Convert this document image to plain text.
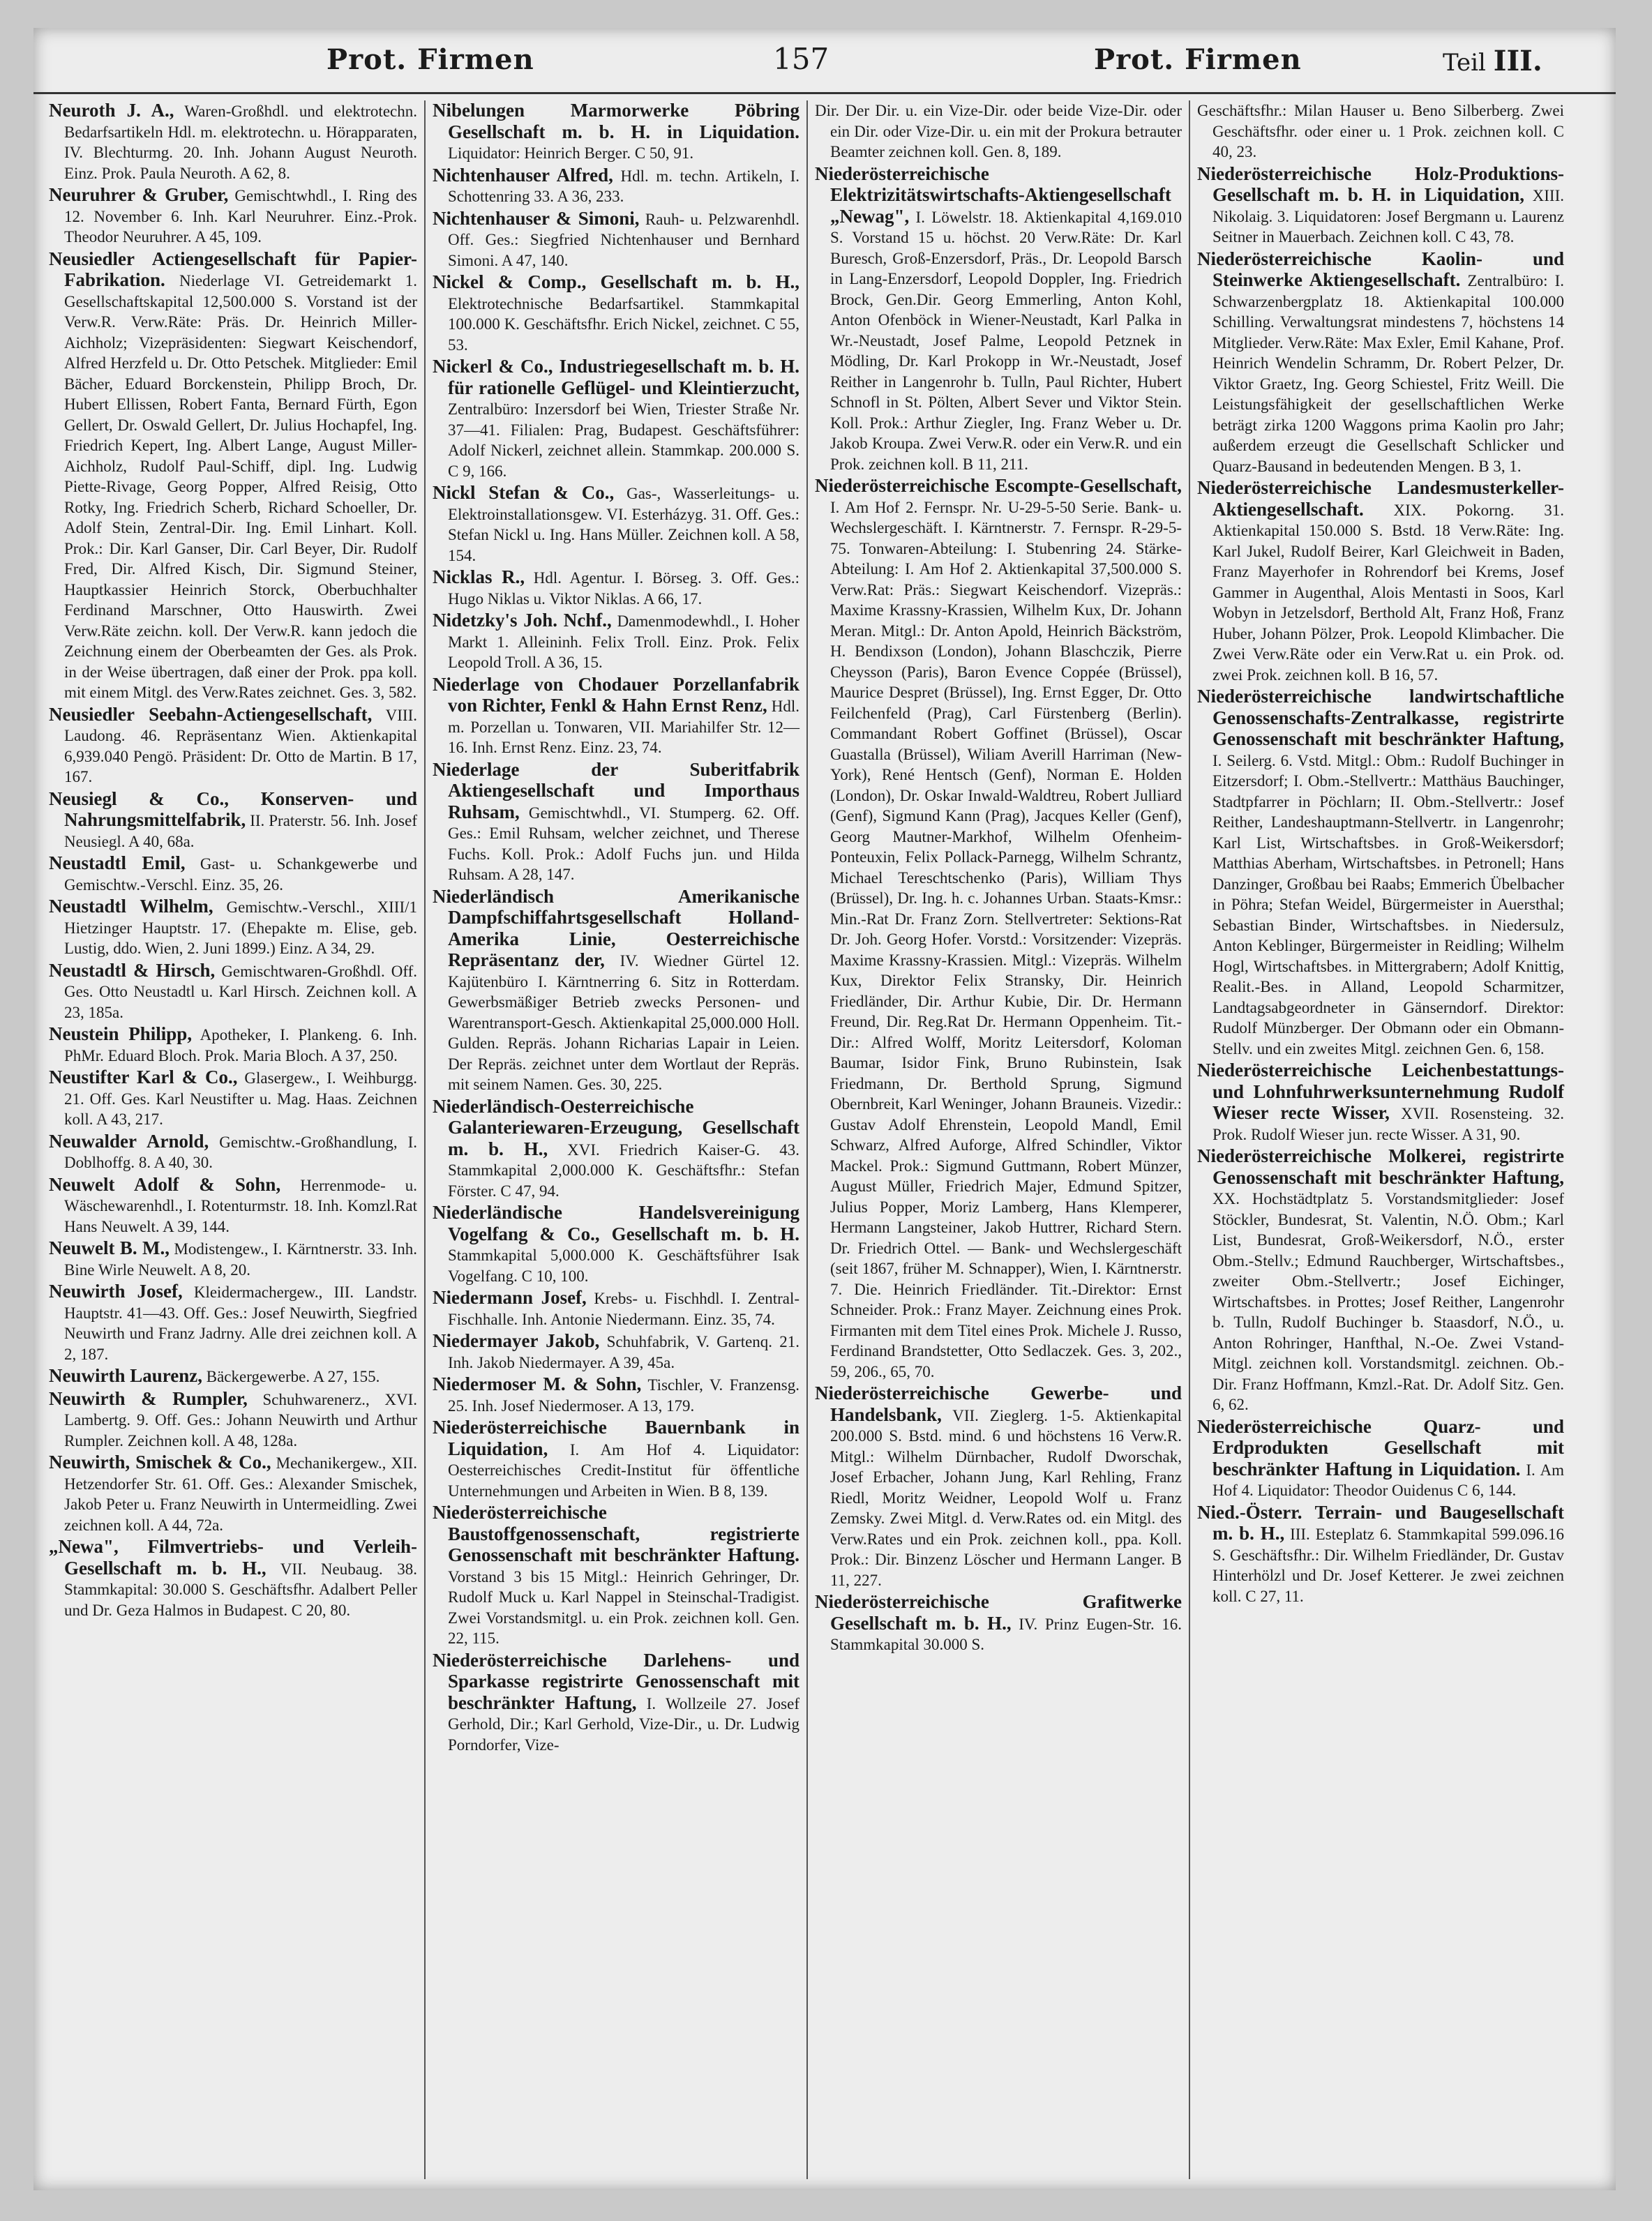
Prot. Firmen	157	Prot. Firmen	Teil III.

Neuroth J. A., Waren-Großhdl. und elektrotechn. Bedarfsartikeln Hdl. m. elektrotechn. u. Hörapparaten, IV. Blechturmg. 20. Inh. Johann August Neuroth. Einz. Prok. Paula Neuroth. A 62, 8.

Neuruhrer & Gruber, Gemischtwhdl., I. Ring des 12. November 6. Inh. Karl Neuruhrer. Einz.-Prok. Theodor Neuruhrer. A 45, 109.

Neusiedler Actiengesellschaft für Papier-Fabrikation. Niederlage VI. Getreidemarkt 1. Gesellschaftskapital 12,500.000 S. Vorstand ist der Verw.R. Verw.Räte: Präs. Dr. Heinrich Miller-Aichholz; Vizepräsidenten: Siegwart Keischendorf, Alfred Herzfeld u. Dr. Otto Petschek. Mitglieder: Emil Bächer, Eduard Borckenstein, Philipp Broch, Dr. Hubert Ellissen, Robert Fanta, Bernard Fürth, Egon Gellert, Dr. Oswald Gellert, Dr. Julius Hochapfel, Ing. Friedrich Kepert, Ing. Albert Lange, August Miller-Aichholz, Rudolf Paul-Schiff, dipl. Ing. Ludwig Piette-Rivage, Georg Popper, Alfred Reisig, Otto Rotky, Ing. Friedrich Scherb, Richard Schoeller, Dr. Adolf Stein, Zentral-Dir. Ing. Emil Linhart. Koll. Prok.: Dir. Karl Ganser, Dir. Carl Beyer, Dir. Rudolf Fred, Dir. Alfred Kisch, Dir. Sigmund Steiner, Hauptkassier Heinrich Storck, Oberbuchhalter Ferdinand Marschner, Otto Hauswirth. Zwei Verw.Räte zeichn. koll. Der Verw.R. kann jedoch die Zeichnung einem der Oberbeamten der Ges. als Prok. in der Weise übertragen, daß einer der Prok. ppa koll. mit einem Mitgl. des Verw.Rates zeichnet. Ges. 3, 582.

Neusiedler Seebahn-Actiengesellschaft, VIII. Laudong. 46. Repräsentanz Wien. Aktienkapital 6,939.040 Pengö. Präsident: Dr. Otto de Martin. B 17, 167.

Neusiegl & Co., Konserven- und Nahrungsmittelfabrik, II. Praterstr. 56. Inh. Josef Neusiegl. A 40, 68a.

Neustadtl Emil, Gast- u. Schankgewerbe und Gemischtw.-Verschl. Einz. 35, 26.

Neustadtl Wilhelm, Gemischtw.-Verschl., XIII/1 Hietzinger Hauptstr. 17. (Ehepakte m. Elise, geb. Lustig, ddo. Wien, 2. Juni 1899.) Einz. A 34, 29.

Neustadtl & Hirsch, Gemischtwaren-Großhdl. Off. Ges. Otto Neustadtl u. Karl Hirsch. Zeichnen koll. A 23, 185a.

Neustein Philipp, Apotheker, I. Plankeng. 6. Inh. PhMr. Eduard Bloch. Prok. Maria Bloch. A 37, 250.

Neustifter Karl & Co., Glasergew., I. Weihburgg. 21. Off. Ges. Karl Neustifter u. Mag. Haas. Zeichnen koll. A 43, 217.

Neuwalder Arnold, Gemischtw.-Großhandlung, I. Doblhoffg. 8. A 40, 30.

Neuwelt Adolf & Sohn, Herrenmode- u. Wäschewarenhdl., I. Rotenturmstr. 18. Inh. Komzl.Rat Hans Neuwelt. A 39, 144.

Neuwelt B. M., Modistengew., I. Kärntnerstr. 33. Inh. Bine Wirle Neuwelt. A 8, 20.

Neuwirth Josef, Kleidermachergew., III. Landstr. Hauptstr. 41—43. Off. Ges.: Josef Neuwirth, Siegfried Neuwirth und Franz Jadrny. Alle drei zeichnen koll. A 2, 187.

Neuwirth Laurenz, Bäckergewerbe. A 27, 155.

Neuwirth & Rumpler, Schuhwarenerz., XVI. Lambertg. 9. Off. Ges.: Johann Neuwirth und Arthur Rumpler. Zeichnen koll. A 48, 128a.

Neuwirth, Smischek & Co., Mechanikergew., XII. Hetzendorfer Str. 61. Off. Ges.: Alexander Smischek, Jakob Peter u. Franz Neuwirth in Untermeidling. Zwei zeichnen koll. A 44, 72a.

„Newa", Filmvertriebs- und Verleih-Gesellschaft m. b. H., VII. Neubaug. 38. Stammkapital: 30.000 S. Geschäftsfhr. Adalbert Peller und Dr. Geza Halmos in Budapest. C 20, 80.

Nibelungen Marmorwerke Pöbring Gesellschaft m. b. H. in Liquidation. Liquidator: Heinrich Berger. C 50, 91.

Nichtenhauser Alfred, Hdl. m. techn. Artikeln, I. Schottenring 33. A 36, 233.

Nichtenhauser & Simoni, Rauh- u. Pelzwarenhdl. Off. Ges.: Siegfried Nichtenhauser und Bernhard Simoni. A 47, 140.

Nickel & Comp., Gesellschaft m. b. H., Elektrotechnische Bedarfsartikel. Stammkapital 100.000 K. Geschäftsfhr. Erich Nickel, zeichnet. C 55, 53.

Nickerl & Co., Industriegesellschaft m. b. H. für rationelle Geflügel- und Kleintierzucht, Zentralbüro: Inzersdorf bei Wien, Triester Straße Nr. 37—41. Filialen: Prag, Budapest. Geschäftsführer: Adolf Nickerl, zeichnet allein. Stammkap. 200.000 S. C 9, 166.

Nickl Stefan & Co., Gas-, Wasserleitungs- u. Elektroinstallationsgew. VI. Esterházyg. 31. Off. Ges.: Stefan Nickl u. Ing. Hans Müller. Zeichnen koll. A 58, 154.

Nicklas R., Hdl. Agentur. I. Börseg. 3. Off. Ges.: Hugo Niklas u. Viktor Niklas. A 66, 17.

Nidetzky's Joh. Nchf., Damenmodewhdl., I. Hoher Markt 1. Alleininh. Felix Troll. Einz. Prok. Felix Leopold Troll. A 36, 15.

Niederlage von Chodauer Porzellanfabrik von Richter, Fenkl & Hahn Ernst Renz, Hdl. m. Porzellan u. Tonwaren, VII. Mariahilfer Str. 12—16. Inh. Ernst Renz. Einz. 23, 74.

Niederlage der Suberitfabrik Aktiengesellschaft und Importhaus Ruhsam, Gemischtwhdl., VI. Stumperg. 62. Off. Ges.: Emil Ruhsam, welcher zeichnet, und Therese Fuchs. Koll. Prok.: Adolf Fuchs jun. und Hilda Ruhsam. A 28, 147.

Niederländisch Amerikanische Dampfschiffahrtsgesellschaft Holland-Amerika Linie, Oesterreichische Repräsentanz der, IV. Wiedner Gürtel 12. Kajütenbüro I. Kärntnerring 6. Sitz in Rotterdam. Gewerbsmäßiger Betrieb zwecks Personen- und Warentransport-Gesch. Aktienkapital 25,000.000 Holl. Gulden. Repräs. Johann Richarias Lapair in Leien. Der Repräs. zeichnet unter dem Wortlaut der Repräs. mit seinem Namen. Ges. 30, 225.

Niederländisch-Oesterreichische Galanteriewaren-Erzeugung, Gesellschaft m. b. H., XVI. Friedrich Kaiser-G. 43. Stammkapital 2,000.000 K. Geschäftsfhr.: Stefan Förster. C 47, 94.

Niederländische Handelsvereinigung Vogelfang & Co., Gesellschaft m. b. H. Stammkapital 5,000.000 K. Geschäftsführer Isak Vogelfang. C 10, 100.

Niedermann Josef, Krebs- u. Fischhdl. I. Zentral-Fischhalle. Inh. Antonie Niedermann. Einz. 35, 74.

Niedermayer Jakob, Schuhfabrik, V. Gartenq. 21. Inh. Jakob Niedermayer. A 39, 45a.

Niedermoser M. & Sohn, Tischler, V. Franzensg. 25. Inh. Josef Niedermoser. A 13, 179.

Niederösterreichische Bauernbank in Liquidation, I. Am Hof 4. Liquidator: Oesterreichisches Credit-Institut für öffentliche Unternehmungen und Arbeiten in Wien. B 8, 139.

Niederösterreichische Baustoffgenossenschaft, registrierte Genossenschaft mit beschränkter Haftung. Vorstand 3 bis 15 Mitgl.: Heinrich Gehringer, Dr. Rudolf Muck u. Karl Nappel in Steinschal-Tradigist. Zwei Vorstandsmitgl. u. ein Prok. zeichnen koll. Gen. 22, 115.

Niederösterreichische Darlehens- und Sparkasse registrirte Genossenschaft mit beschränkter Haftung, I. Wollzeile 27. Josef Gerhold, Dir.; Karl Gerhold, Vize-Dir., u. Dr. Ludwig Porndorfer, Vize-

Dir. Der Dir. u. ein Vize-Dir. oder beide Vize-Dir. oder ein Dir. oder Vize-Dir. u. ein mit der Prokura betrauter Beamter zeichnen koll. Gen. 8, 189.

Niederösterreichische Elektrizitätswirtschafts-Aktiengesellschaft „Newag", I. Löwelstr. 18. Aktienkapital 4,169.010 S. Vorstand 15 u. höchst. 20 Verw.Räte: Dr. Karl Buresch, Groß-Enzersdorf, Präs., Dr. Leopold Barsch in Lang-Enzersdorf, Leopold Doppler, Ing. Friedrich Brock, Gen.Dir. Georg Emmerling, Anton Kohl, Anton Ofenböck in Wiener-Neustadt, Karl Palka in Wr.-Neustadt, Josef Palme, Leopold Petznek in Mödling, Dr. Karl Prokopp in Wr.-Neustadt, Josef Reither in Langenrohr b. Tulln, Paul Richter, Hubert Schnofl in St. Pölten, Albert Sever und Viktor Stein. Koll. Prok.: Arthur Ziegler, Ing. Franz Weber u. Dr. Jakob Kroupa. Zwei Verw.R. oder ein Verw.R. und ein Prok. zeichnen koll. B 11, 211.

Niederösterreichische Escompte-Gesellschaft, I. Am Hof 2. Fernspr. Nr. U-29-5-50 Serie. Bank- u. Wechslergeschäft. I. Kärntnerstr. 7. Fernspr. R-29-5-75. Tonwaren-Abteilung: I. Stubenring 24. Stärke-Abteilung: I. Am Hof 2. Aktienkapital 37,500.000 S. Verw.Rat: Präs.: Siegwart Keischendorf. Vizepräs.: Maxime Krassny-Krassien, Wilhelm Kux, Dr. Johann Meran. Mitgl.: Dr. Anton Apold, Heinrich Bäckström, H. Bendixson (London), Johann Blaschczik, Pierre Cheysson (Paris), Baron Evence Coppée (Brüssel), Maurice Despret (Brüssel), Ing. Ernst Egger, Dr. Otto Feilchenfeld (Prag), Carl Fürstenberg (Berlin). Commandant Robert Goffinet (Brüssel), Oscar Guastalla (Brüssel), Wiliam Averill Harriman (New-York), René Hentsch (Genf), Norman E. Holden (London), Dr. Oskar Inwald-Waldtreu, Robert Julliard (Genf), Sigmund Kann (Prag), Jacques Keller (Genf), Georg Mautner-Markhof, Wilhelm Ofenheim-Ponteuxin, Felix Pollack-Parnegg, Wilhelm Schrantz, Michael Tereschtschenko (Paris), William Thys (Brüssel), Dr. Ing. h. c. Johannes Urban. Staats-Kmsr.: Min.-Rat Dr. Franz Zorn. Stellvertreter: Sektions-Rat Dr. Joh. Georg Hofer. Vorstd.: Vorsitzender: Vizepräs. Maxime Krassny-Krassien. Mitgl.: Vizepräs. Wilhelm Kux, Direktor Felix Stransky, Dir. Heinrich Friedländer, Dir. Arthur Kubie, Dir. Dr. Hermann Freund, Dir. Reg.Rat Dr. Hermann Oppenheim. Tit.-Dir.: Alfred Wolff, Moritz Leitersdorf, Koloman Baumar, Isidor Fink, Bruno Rubinstein, Isak Friedmann, Dr. Berthold Sprung, Sigmund Obernbreit, Karl Weninger, Johann Brauneis. Vizedir.: Gustav Adolf Ehrenstein, Leopold Mandl, Emil Schwarz, Alfred Auforge, Alfred Schindler, Viktor Mackel. Prok.: Sigmund Guttmann, Robert Münzer, August Müller, Friedrich Majer, Edmund Spitzer, Julius Popper, Moriz Lamberg, Hans Klemperer, Hermann Langsteiner, Jakob Huttrer, Richard Stern. Dr. Friedrich Ottel. — Bank- und Wechslergeschäft (seit 1867, früher M. Schnapper), Wien, I. Kärntnerstr. 7. Die. Heinrich Friedländer. Tit.-Direktor: Ernst Schneider. Prok.: Franz Mayer. Zeichnung eines Prok. Firmanten mit dem Titel eines Prok. Michele J. Russo, Ferdinand Brandstetter, Otto Sedlaczek. Ges. 3, 202., 59, 206., 65, 70.

Niederösterreichische Gewerbe- und Handelsbank, VII. Zieglerg. 1-5. Aktienkapital 200.000 S. Bstd. mind. 6 und höchstens 16 Verw.R. Mitgl.: Wilhelm Dürnbacher, Rudolf Dworschak, Josef Erbacher, Johann Jung, Karl Rehling, Franz Riedl, Moritz Weidner, Leopold Wolf u. Franz Zemsky. Zwei Mitgl. d. Verw.Rates od. ein Mitgl. des Verw.Rates und ein Prok. zeichnen koll., ppa. Koll. Prok.: Dir. Binzenz Löscher und Hermann Langer. B 11, 227.

Niederösterreichische Grafitwerke Gesellschaft m. b. H., IV. Prinz Eugen-Str. 16. Stammkapital 30.000 S.

Geschäftsfhr.: Milan Hauser u. Beno Silberberg. Zwei Geschäftsfhr. oder einer u. 1 Prok. zeichnen koll. C 40, 23.

Niederösterreichische Holz-Produktions-Gesellschaft m. b. H. in Liquidation, XIII. Nikolaig. 3. Liquidatoren: Josef Bergmann u. Laurenz Seitner in Mauerbach. Zeichnen koll. C 43, 78.

Niederösterreichische Kaolin- und Steinwerke Aktiengesellschaft. Zentralbüro: I. Schwarzenbergplatz 18. Aktienkapital 100.000 Schilling. Verwaltungsrat mindestens 7, höchstens 14 Mitglieder. Verw.Räte: Max Exler, Emil Kahane, Prof. Heinrich Wendelin Schramm, Dr. Robert Pelzer, Dr. Viktor Graetz, Ing. Georg Schiestel, Fritz Weill. Die Leistungsfähigkeit der gesellschaftlichen Werke beträgt zirka 1200 Waggons prima Kaolin pro Jahr; außerdem erzeugt die Gesellschaft Schlicker und Quarz-Bausand in bedeutenden Mengen. B 3, 1.

Niederösterreichische Landesmusterkeller-Aktiengesellschaft. XIX. Pokorng. 31. Aktienkapital 150.000 S. Bstd. 18 Verw.Räte: Ing. Karl Jukel, Rudolf Beirer, Karl Gleichweit in Baden, Franz Mayerhofer in Rohrendorf bei Krems, Josef Gammer in Augenthal, Alois Mentasti in Soos, Karl Wobyn in Jetzelsdorf, Berthold Alt, Franz Hoß, Franz Huber, Johann Pölzer, Prok. Leopold Klimbacher. Die Zwei Verw.Räte oder ein Verw.Rat u. ein Prok. od. zwei Prok. zeichnen koll. B 16, 57.

Niederösterreichische landwirtschaftliche Genossenschafts-Zentralkasse, registrirte Genossenschaft mit beschränkter Haftung, I. Seilerg. 6. Vstd. Mitgl.: Obm.: Rudolf Buchinger in Eitzersdorf; I. Obm.-Stellvertr.: Matthäus Bauchinger, Stadtpfarrer in Pöchlarn; II. Obm.-Stellvertr.: Josef Reither, Landeshauptmann-Stellvertr. in Langenrohr; Karl List, Wirtschaftsbes. in Groß-Weikersdorf; Matthias Aberham, Wirtschaftsbes. in Petronell; Hans Danzinger, Großbau bei Raabs; Emmerich Übelbacher in Pöhra; Stefan Weidel, Bürgermeister in Auersthal; Sebastian Binder, Wirtschaftsbes. in Niedersulz, Anton Keblinger, Bürgermeister in Reidling; Wilhelm Hogl, Wirtschaftsbes. in Mittergrabern; Adolf Knittig, Realit.-Bes. in Alland, Leopold Scharmitzer, Landtagsabgeordneter in Gänserndorf. Direktor: Rudolf Münzberger. Der Obmann oder ein Obmann-Stellv. und ein zweites Mitgl. zeichnen Gen. 6, 158.

Niederösterreichische Leichenbestattungs- und Lohnfuhrwerksunternehmung Rudolf Wieser recte Wisser, XVII. Rosensteing. 32. Prok. Rudolf Wieser jun. recte Wisser. A 31, 90.

Niederösterreichische Molkerei, registrirte Genossenschaft mit beschränkter Haftung, XX. Hochstädtplatz 5. Vorstandsmitglieder: Josef Stöckler, Bundesrat, St. Valentin, N.Ö. Obm.; Karl List, Bundesrat, Groß-Weikersdorf, N.Ö., erster Obm.-Stellv.; Edmund Rauchberger, Wirtschaftsbes., zweiter Obm.-Stellvertr.; Josef Eichinger, Wirtschaftsbes. in Prottes; Josef Reither, Langenrohr b. Tulln, Rudolf Buchinger b. Staasdorf, N.Ö., u. Anton Rohringer, Hanfthal, N.-Oe. Zwei Vstand-Mitgl. zeichnen koll. Vorstandsmitgl. zeichnen. Ob.-Dir. Franz Hoffmann, Kmzl.-Rat. Dr. Adolf Sitz. Gen. 6, 62.

Niederösterreichische Quarz- und Erdprodukten Gesellschaft mit beschränkter Haftung in Liquidation. I. Am Hof 4. Liquidator: Theodor Ouidenus C 6, 144.

Nied.-Österr. Terrain- und Baugesellschaft m. b. H., III. Esteplatz 6. Stammkapital 599.096.16 S. Geschäftsfhr.: Dir. Wilhelm Friedländer, Dr. Gustav Hinterhölzl und Dr. Josef Ketterer. Je zwei zeichnen koll. C 27, 11.
